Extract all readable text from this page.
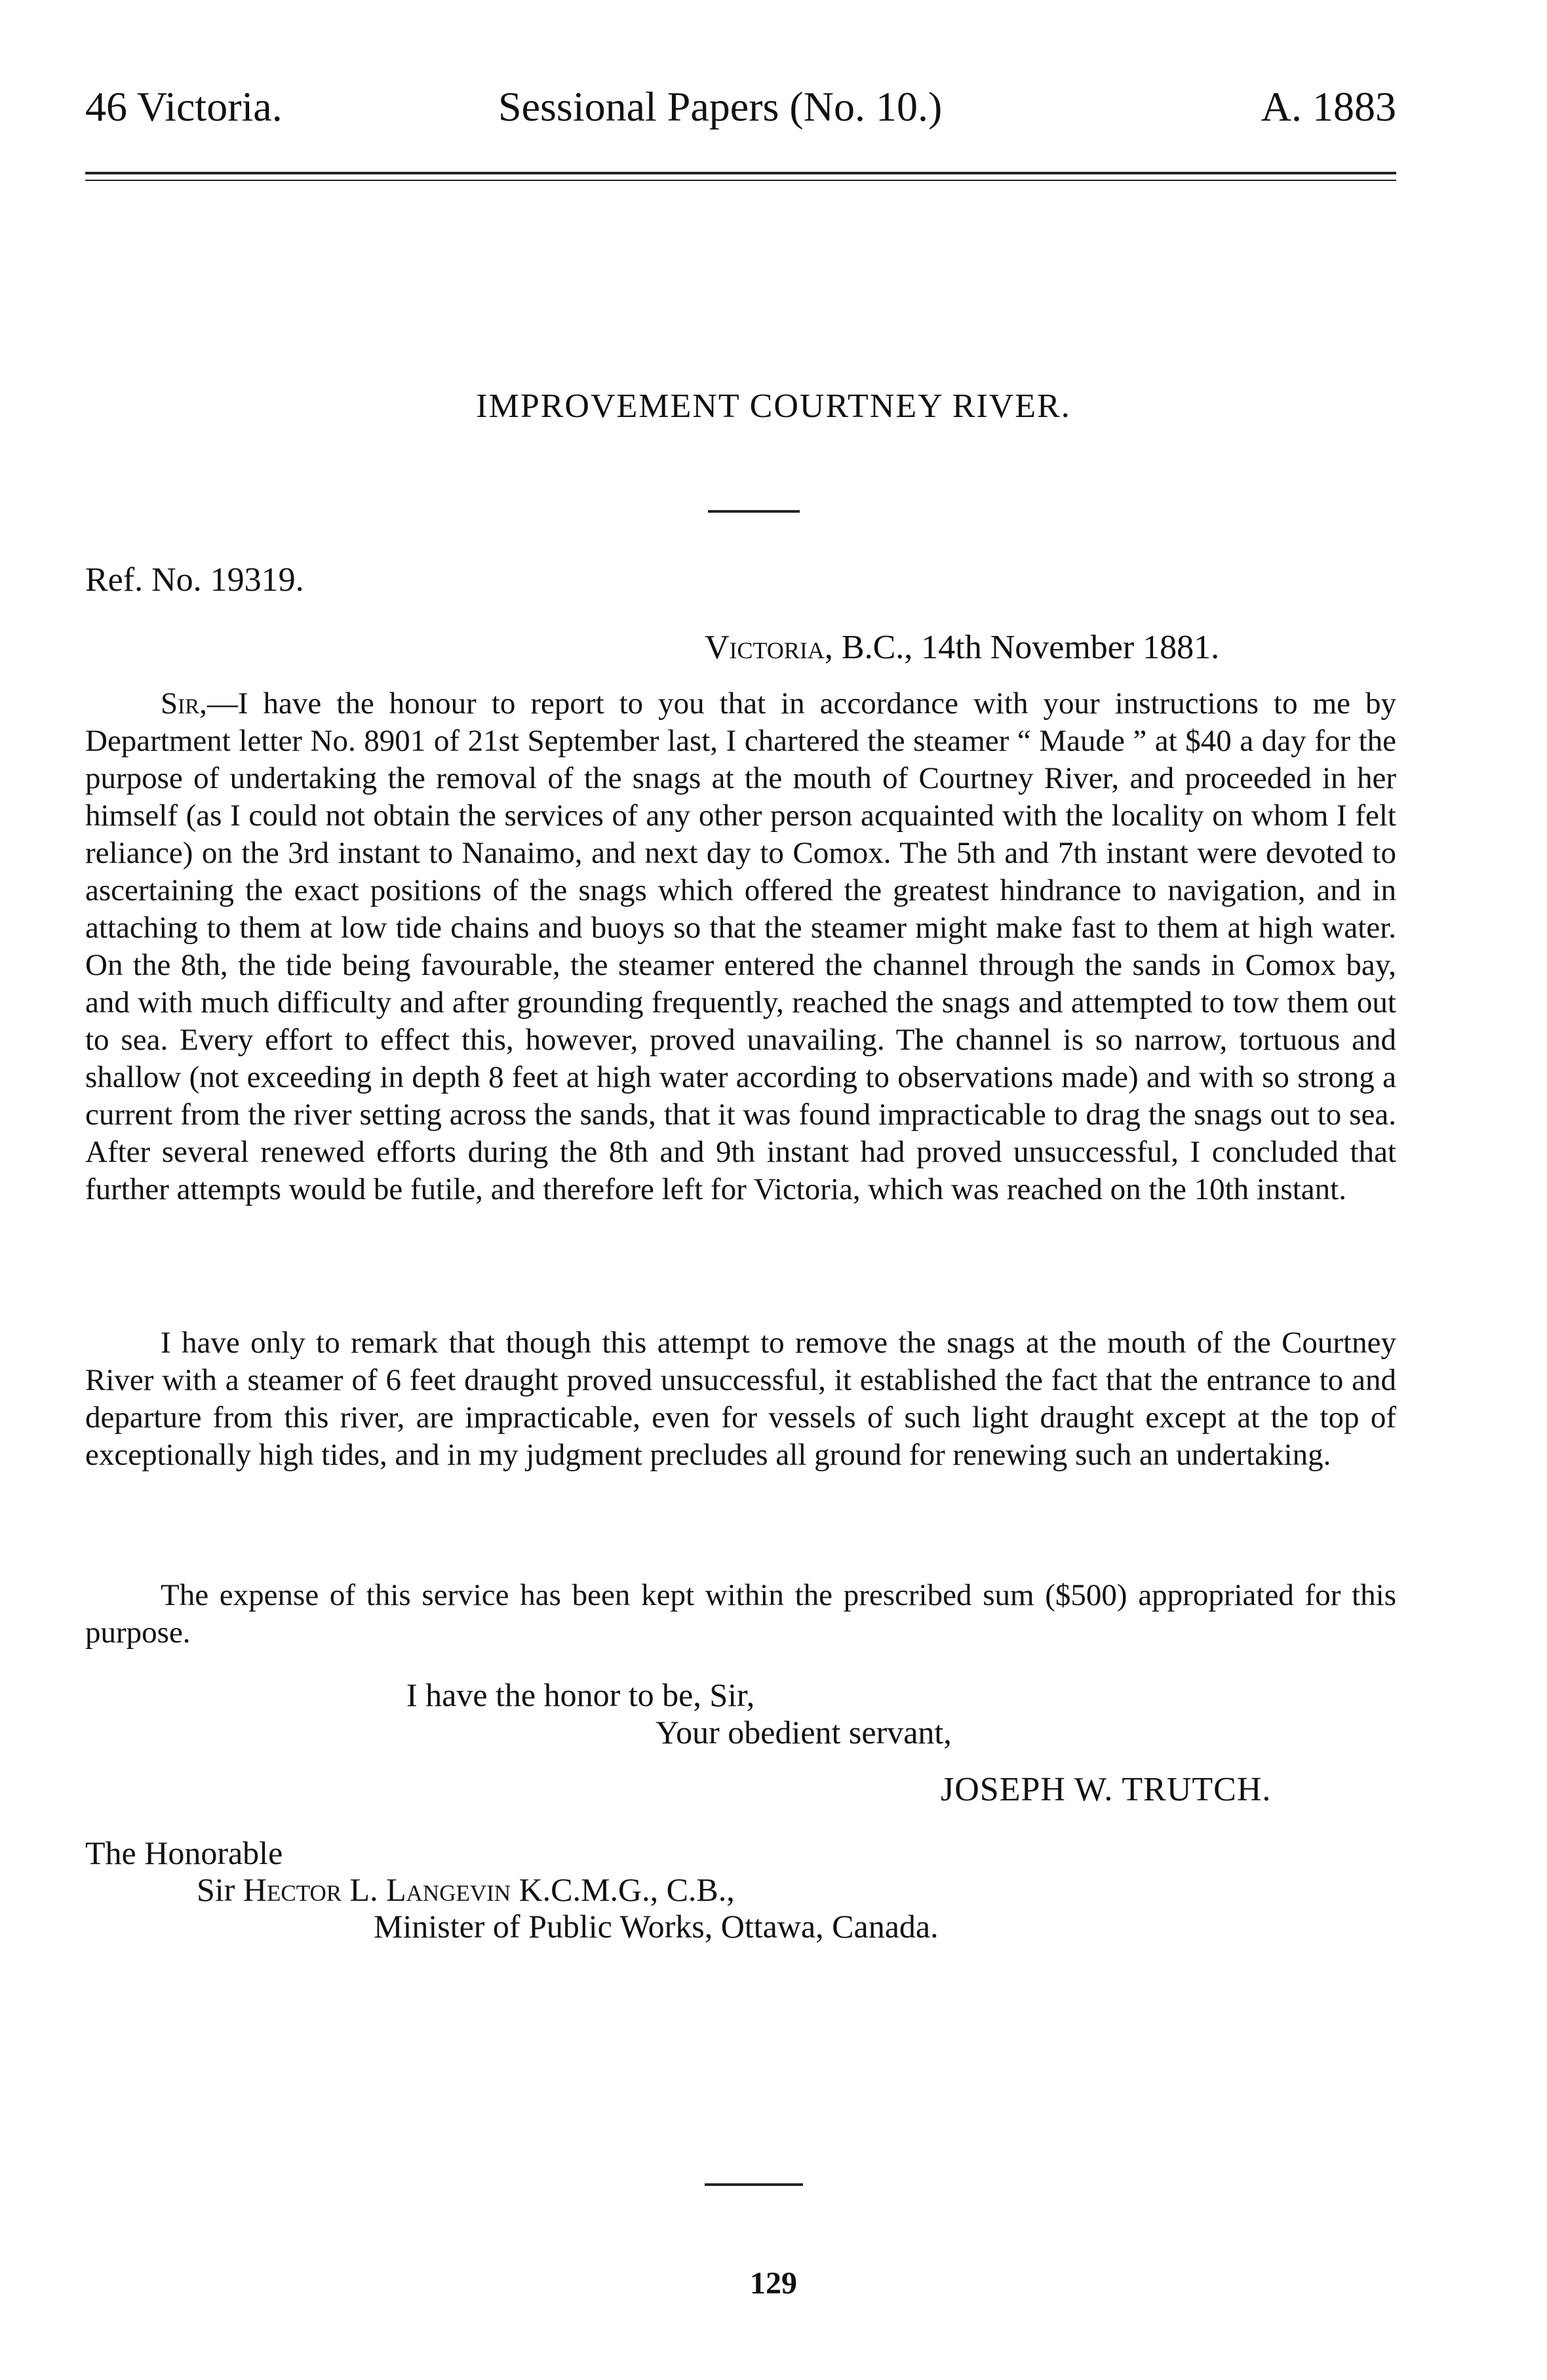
46 Victoria.	Sessional Papers (No. 10.)	A. 1883
IMPROVEMENT COURTNEY RIVER.
Ref. No. 19319.
Victoria, B.C., 14th November 1881.

Sir,—I have the honour to report to you that in accordance with your instructions to me by Department letter No. 8901 of 21st September last, I chartered the steamer “ Maude ” at $40 a day for the purpose of undertaking the removal of the snags at the mouth of Courtney River, and proceeded in her himself (as I could not obtain the services of any other person acquainted with the locality on whom I felt reliance) on the 3rd instant to Nanaimo, and next day to Comox. The 5th and 7th instant were devoted to ascertaining the exact positions of the snags which offered the greatest hindrance to navigation, and in attaching to them at low tide chains and buoys so that the steamer might make fast to them at high water. On the 8th, the tide being favourable, the steamer entered the channel through the sands in Comox bay, and with much difficulty and after grounding frequently, reached the snags and attempted to tow them out to sea. Every effort to effect this, however, proved unavailing. The channel is so narrow, tortuous and shallow (not exceeding in depth 8 feet at high water according to observations made) and with so strong a current from the river setting across the sands, that it was found impracticable to drag the snags out to sea. After several renewed efforts during the 8th and 9th instant had proved unsuccessful, I concluded that further attempts would be futile, and therefore left for Victoria, which was reached on the 10th instant.

I have only to remark that though this attempt to remove the snags at the mouth of the Courtney River with a steamer of 6 feet draught proved unsuccessful, it established the fact that the entrance to and departure from this river, are impracticable, even for vessels of such light draught except at the top of exceptionally high tides, and in my judgment precludes all ground for renewing such an undertaking.

The expense of this service has been kept within the prescribed sum ($500) appropriated for this purpose.

I have the honor to be, Sir,
Your obedient servant,
JOSEPH W. TRUTCH.
The Honorable
Sir Hector L. Langevin K.C.M.G., C.B.,
Minister of Public Works, Ottawa, Canada.
129
